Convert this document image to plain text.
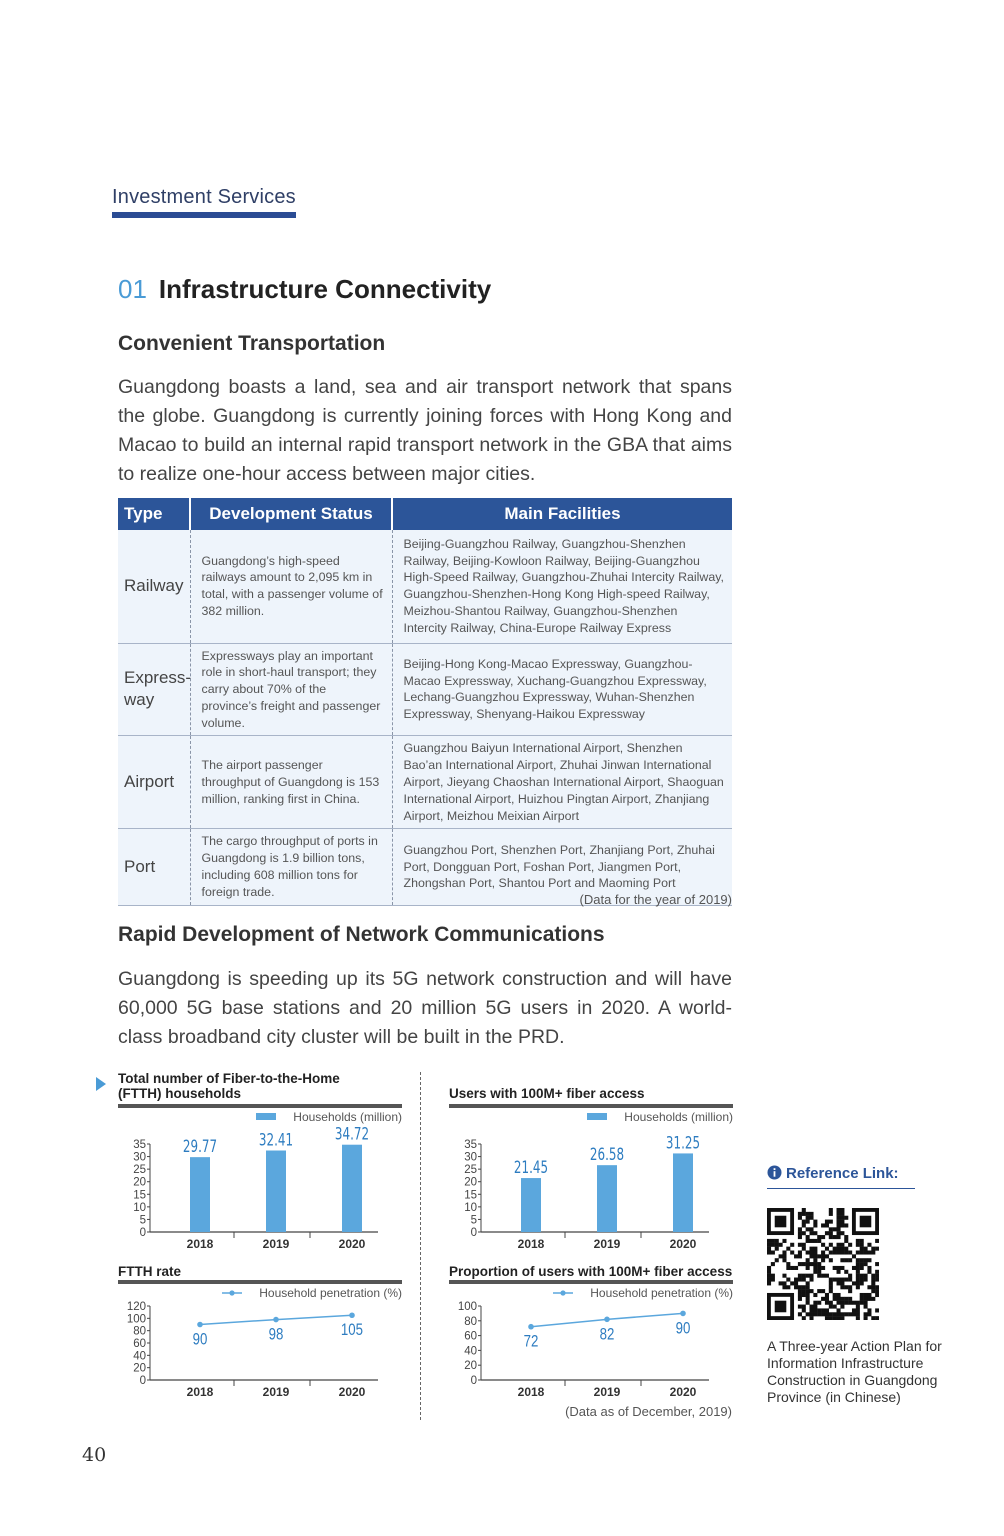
Investment Services
01 Infrastructure Connectivity
Convenient Transportation
Guangdong boasts a land, sea and air transport network that spans the globe. Guangdong is currently joining forces with Hong Kong and Macao to build an internal rapid transport network in the GBA that aims to realize one-hour access between major cities.
Type	Development Status	Main Facilities
Railway	Guangdong’s high-speed railways amount to 2,095 km in total, with a passenger volume of 382 million.	Beijing-Guangzhou Railway, Guangzhou-Shenzhen Railway, Beijing-Kowloon Railway, Beijing-Guangzhou High-Speed Railway, Guangzhou-Zhuhai Intercity Railway, Guangzhou-Shenzhen-Hong Kong High-speed Railway, Meizhou-Shantou Railway, Guangzhou-Shenzhen Intercity Railway, China-Europe Railway Express
Express-way	Expressways play an important role in short-haul transport; they carry about 70% of the province’s freight and passenger volume.	Beijing-Hong Kong-Macao Expressway, Guangzhou-Macao Expressway, Xuchang-Guangzhou Expressway, Lechang-Guangzhou Expressway, Wuhan-Shenzhen Expressway, Shenyang-Haikou Expressway
Airport	The airport passenger throughput of Guangdong is 153 million, ranking first in China.	Guangzhou Baiyun International Airport, Shenzhen Bao’an International Airport, Zhuhai Jinwan International Airport, Jieyang Chaoshan International Airport, Shaoguan International Airport, Huizhou Pingtan Airport, Zhanjiang Airport, Meizhou Meixian Airport
Port	The cargo throughput of ports in Guangdong is 1.9 billion tons, including 608 million tons for foreign trade.	Guangzhou Port, Shenzhen Port, Zhanjiang Port, Zhuhai Port, Dongguan Port, Foshan Port, Jiangmen Port, Zhongshan Port, Shantou Port and Maoming Port
(Data for the year of 2019)
Rapid Development of Network Communications
Guangdong is speeding up its 5G network construction and will have 60,000 5G base stations and 20 million 5G users in 2020. A world-class broadband city cluster will be built in the PRD.
Total number of Fiber-to-the-Home (FTTH) households	Users with 100M+ fiber access
FTTH rate	Proportion of users with 100M+ fiber access
Households (million)
35
30
25
20
15
10
5
0
2018
29.77
2019
32.41
2020
34.72
Households (million)
35
30
25
20
15
10
5
0
2018
21.45
2019
26.58
2020
31.25
Household penetration (%)
120
100
80
60
40
20
0
2018	2019	2020
90	98	105
Household penetration (%)
100
80
60
40
20
0
2018	2019	2020
72	82	90
(Data as of December, 2019)
Reference Link:
A Three-year Action Plan for Information Infrastructure Construction in Guangdong Province (in Chinese)
40
